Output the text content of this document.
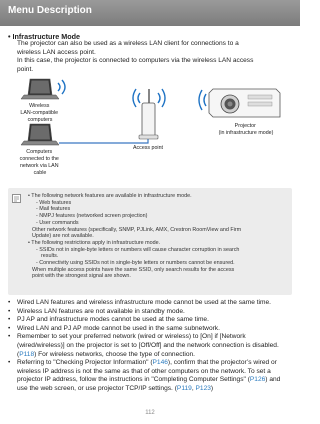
Menu Description
• Infrastructure Mode
The projector can also be used as a wireless LAN client for connections to a
wireless LAN access point.
In this case, the projector is connected to computers via the wireless LAN access
point.
Wireless LAN-compatible computers
Computers connected to the network via LAN cable
Access point
Projector (in infrastructure mode)
• The following network features are available in infrastructure mode.
- Web features
- Mail features
- NMPJ features (networked screen projection)
- User commands
Other network features (specifically, SNMP, PJLink, AMX, Crestron RoomView and Firm
Update) are not available.
• The following restrictions apply in infrastructure mode.
- SSIDs not in single-byte letters or numbers will cause character corruption in search
results.
- Connectivity using SSIDs not in single-byte letters or numbers cannot be ensured.
When multiple access points have the same SSID, only search results for the access
point with the strongest signal are shown.
• Wired LAN features and wireless infrastructure mode cannot be used at the same time.
• Wireless LAN features are not available in standby mode.
• PJ AP and infrastructure modes cannot be used at the same time.
• Wired LAN and PJ AP mode cannot be used in the same subnetwork.
• Remember to set your preferred network (wired or wireless) to [On] if [Network (wired/wireless)] on the projector is set to [Off/Off] and the network connection is disabled. (P118) For wireless networks, choose the type of connection.
• Referring to "Checking Projector Information" (P146), confirm that the projector’s wired or wireless IP address is not the same as that of other computers on the network. To set a projector IP address, follow the instructions in "Completing Computer Settings" (P126) and use the web screen, or use projector TCP/IP settings. (P119, P123)
112
